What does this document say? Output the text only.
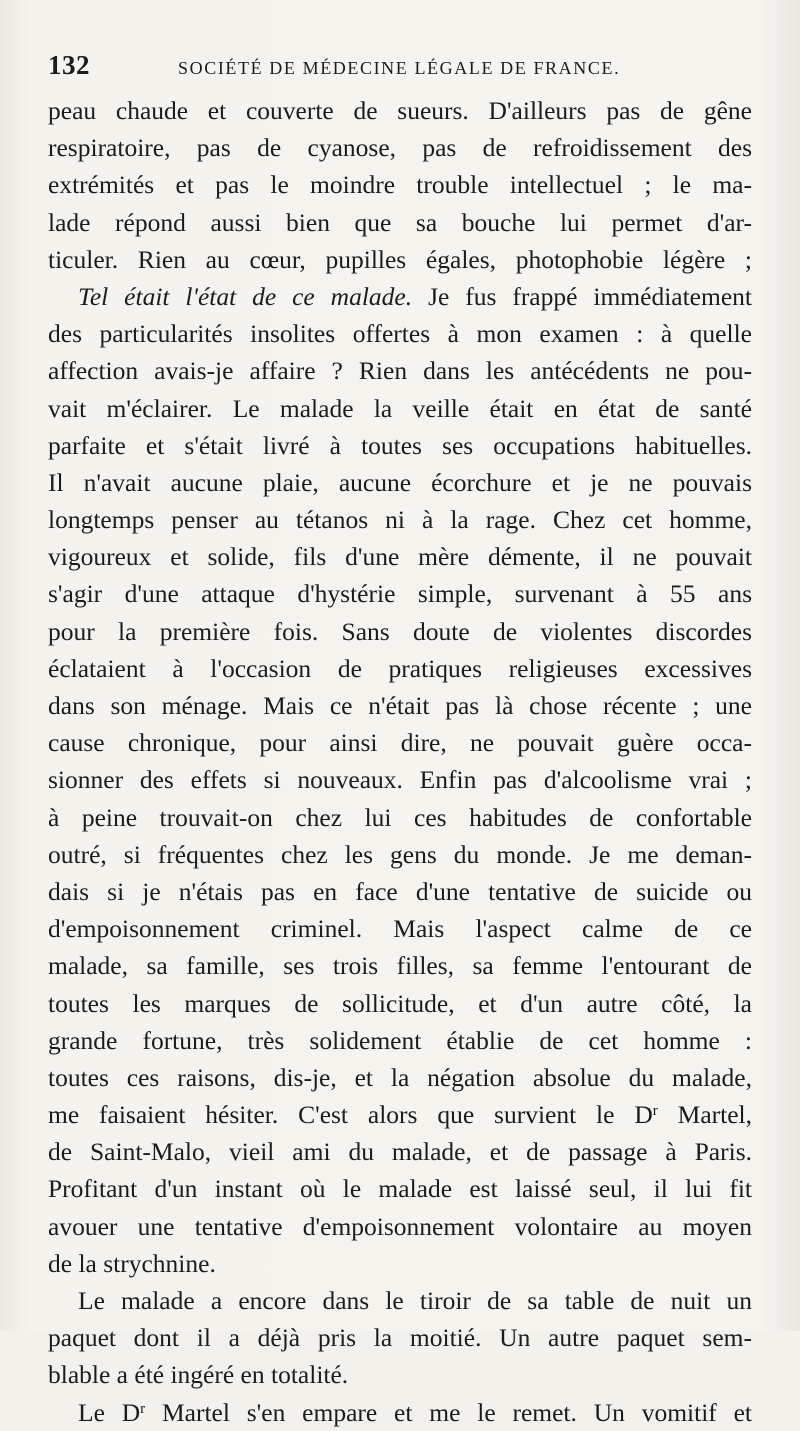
132	SOCIÉTÉ DE MÉDECINE LÉGALE DE FRANCE.
peau chaude et couverte de sueurs. D'ailleurs pas de gêne
respiratoire, pas de cyanose, pas de refroidissement des
extrémités et pas le moindre trouble intellectuel ; le ma-
lade répond aussi bien que sa bouche lui permet d'ar-
ticuler. Rien au cœur, pupilles égales, photophobie légère ;
Tel était l'état de ce malade. Je fus frappé immédiatement
des particularités insolites offertes à mon examen : à quelle
affection avais-je affaire ? Rien dans les antécédents ne pou-
vait m'éclairer. Le malade la veille était en état de santé
parfaite et s'était livré à toutes ses occupations habituelles.
Il n'avait aucune plaie, aucune écorchure et je ne pouvais
longtemps penser au tétanos ni à la rage. Chez cet homme,
vigoureux et solide, fils d'une mère démente, il ne pouvait
s'agir d'une attaque d'hystérie simple, survenant à 55 ans
pour la première fois. Sans doute de violentes discordes
éclataient à l'occasion de pratiques religieuses excessives
dans son ménage. Mais ce n'était pas là chose récente ; une
cause chronique, pour ainsi dire, ne pouvait guère occa-
sionner des effets si nouveaux. Enfin pas d'alcoolisme vrai ;
à peine trouvait-on chez lui ces habitudes de confortable
outré, si fréquentes chez les gens du monde. Je me deman-
dais si je n'étais pas en face d'une tentative de suicide ou
d'empoisonnement criminel. Mais l'aspect calme de ce
malade, sa famille, ses trois filles, sa femme l'entourant de
toutes les marques de sollicitude, et d'un autre côté, la
grande fortune, très solidement établie de cet homme :
toutes ces raisons, dis-je, et la négation absolue du malade,
me faisaient hésiter. C'est alors que survient le $D^r$ Martel,
de Saint-Malo, vieil ami du malade, et de passage à Paris.
Profitant d'un instant où le malade est laissé seul, il lui fit
avouer une tentative d'empoisonnement volontaire au moyen
de la strychnine.
Le malade a encore dans le tiroir de sa table de nuit un
paquet dont il a déjà pris la moitié. Un autre paquet sem-
blable a été ingéré en totalité.
Le $D^r$ Martel s'en empare et me le remet. Un vomitif et
